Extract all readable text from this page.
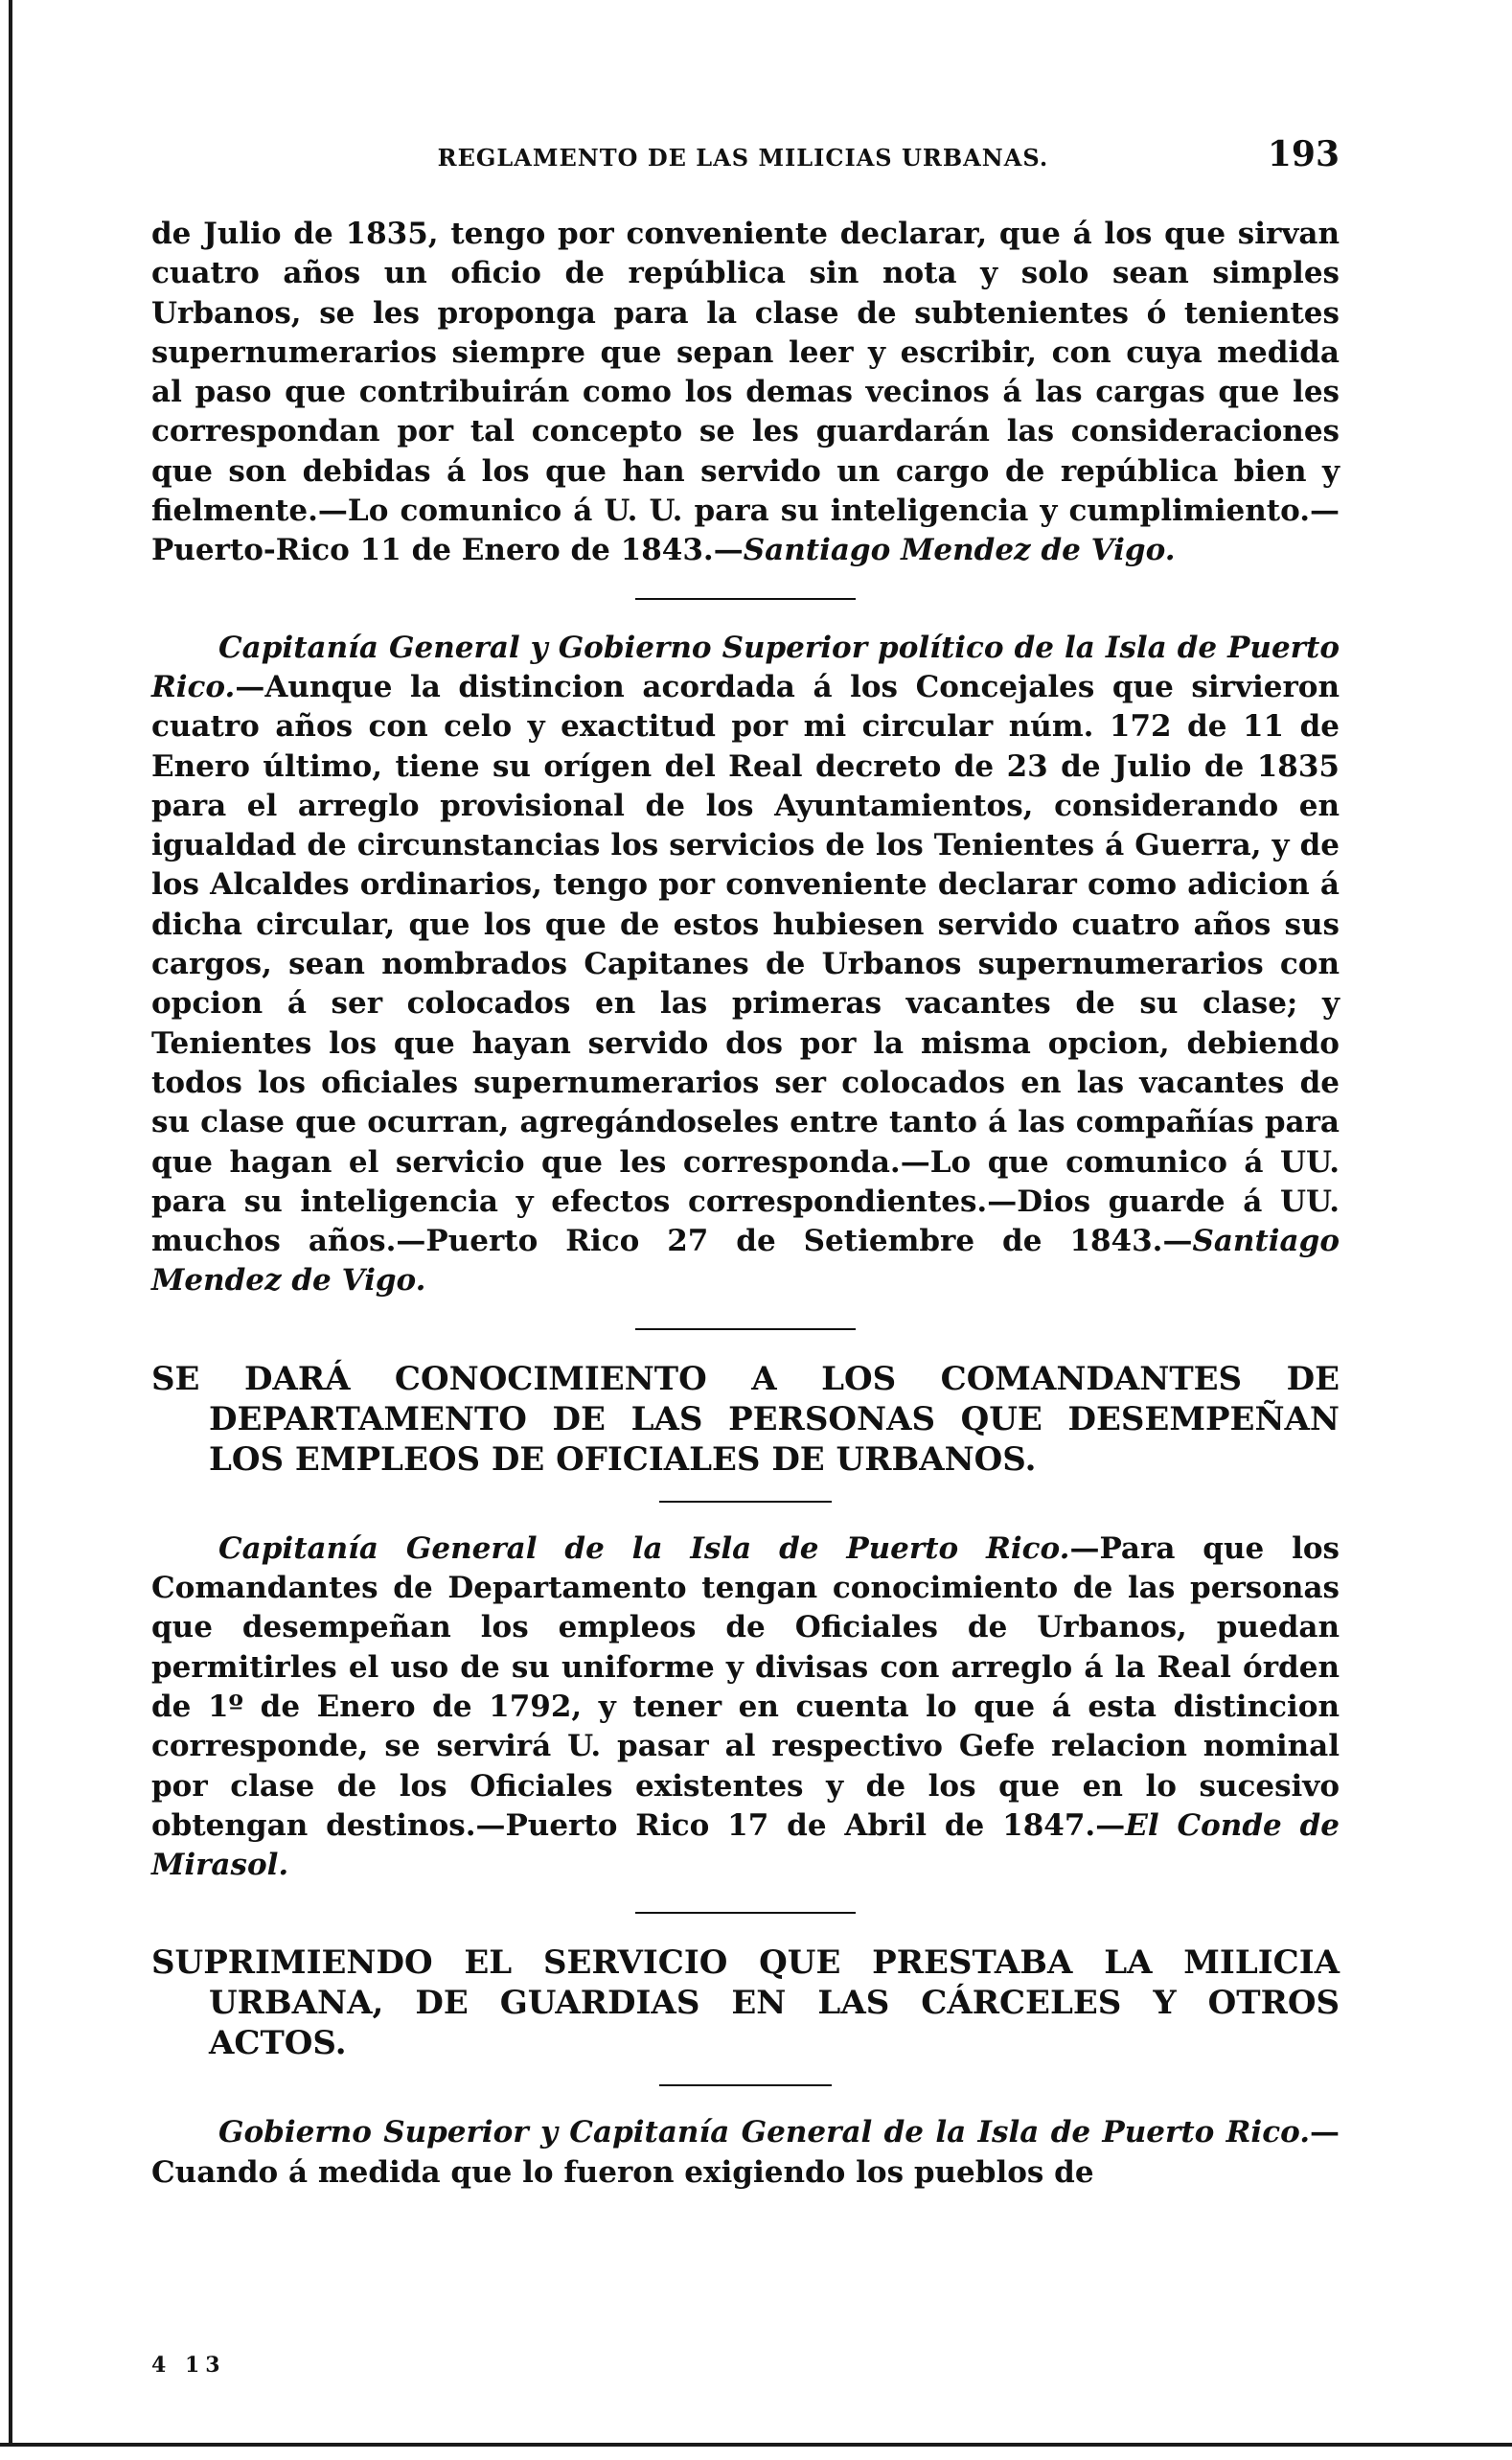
REGLAMENTO DE LAS MILICIAS URBANAS.	193

de Julio de 1835, tengo por conveniente declarar, que á los que sirvan cuatro años un oficio de república sin nota y solo sean simples Urbanos, se les proponga para la clase de subtenientes ó tenientes supernumerarios siempre que sepan leer y escribir, con cuya medida al paso que contribuirán como los demas vecinos á las cargas que les correspondan por tal concepto se les guardarán las consideraciones que son debidas á los que han servido un cargo de república bien y fielmente.—Lo comunico á U. U. para su inteligencia y cumplimiento.—Puerto-Rico 11 de Enero de 1843.—Santiago Mendez de Vigo.

Capitanía General y Gobierno Superior político de la Isla de Puerto Rico.—Aunque la distincion acordada á los Concejales que sirvieron cuatro años con celo y exactitud por mi circular núm. 172 de 11 de Enero último, tiene su orígen del Real decreto de 23 de Julio de 1835 para el arreglo provisional de los Ayuntamientos, considerando en igualdad de circunstancias los servicios de los Tenientes á Guerra, y de los Alcaldes ordinarios, tengo por conveniente declarar como adicion á dicha circular, que los que de estos hubiesen servido cuatro años sus cargos, sean nombrados Capitanes de Urbanos supernumerarios con opcion á ser colocados en las primeras vacantes de su clase; y Tenientes los que hayan servido dos por la misma opcion, debiendo todos los oficiales supernumerarios ser colocados en las vacantes de su clase que ocurran, agregándoseles entre tanto á las compañías para que hagan el servicio que les corresponda.—Lo que comunico á UU. para su inteligencia y efectos correspondientes.—Dios guarde á UU. muchos años.—Puerto Rico 27 de Setiembre de 1843.—Santiago Mendez de Vigo.

SE DARÁ CONOCIMIENTO A LOS COMANDANTES DE DEPARTAMENTO DE LAS PERSONAS QUE DESEMPEÑAN LOS EMPLEOS DE OFICIALES DE URBANOS.

Capitanía General de la Isla de Puerto Rico.—Para que los Comandantes de Departamento tengan conocimiento de las personas que desempeñan los empleos de Oficiales de Urbanos, puedan permitirles el uso de su uniforme y divisas con arreglo á la Real órden de 1º de Enero de 1792, y tener en cuenta lo que á esta distincion corresponde, se servirá U. pasar al respectivo Gefe relacion nominal por clase de los Oficiales existentes y de los que en lo sucesivo obtengan destinos.—Puerto Rico 17 de Abril de 1847.—El Conde de Mirasol.

SUPRIMIENDO EL SERVICIO QUE PRESTABA LA MILICIA URBANA, DE GUARDIAS EN LAS CÁRCELES Y OTROS ACTOS.

Gobierno Superior y Capitanía General de la Isla de Puerto Rico.—Cuando á medida que lo fueron exigiendo los pueblos de

4 13
